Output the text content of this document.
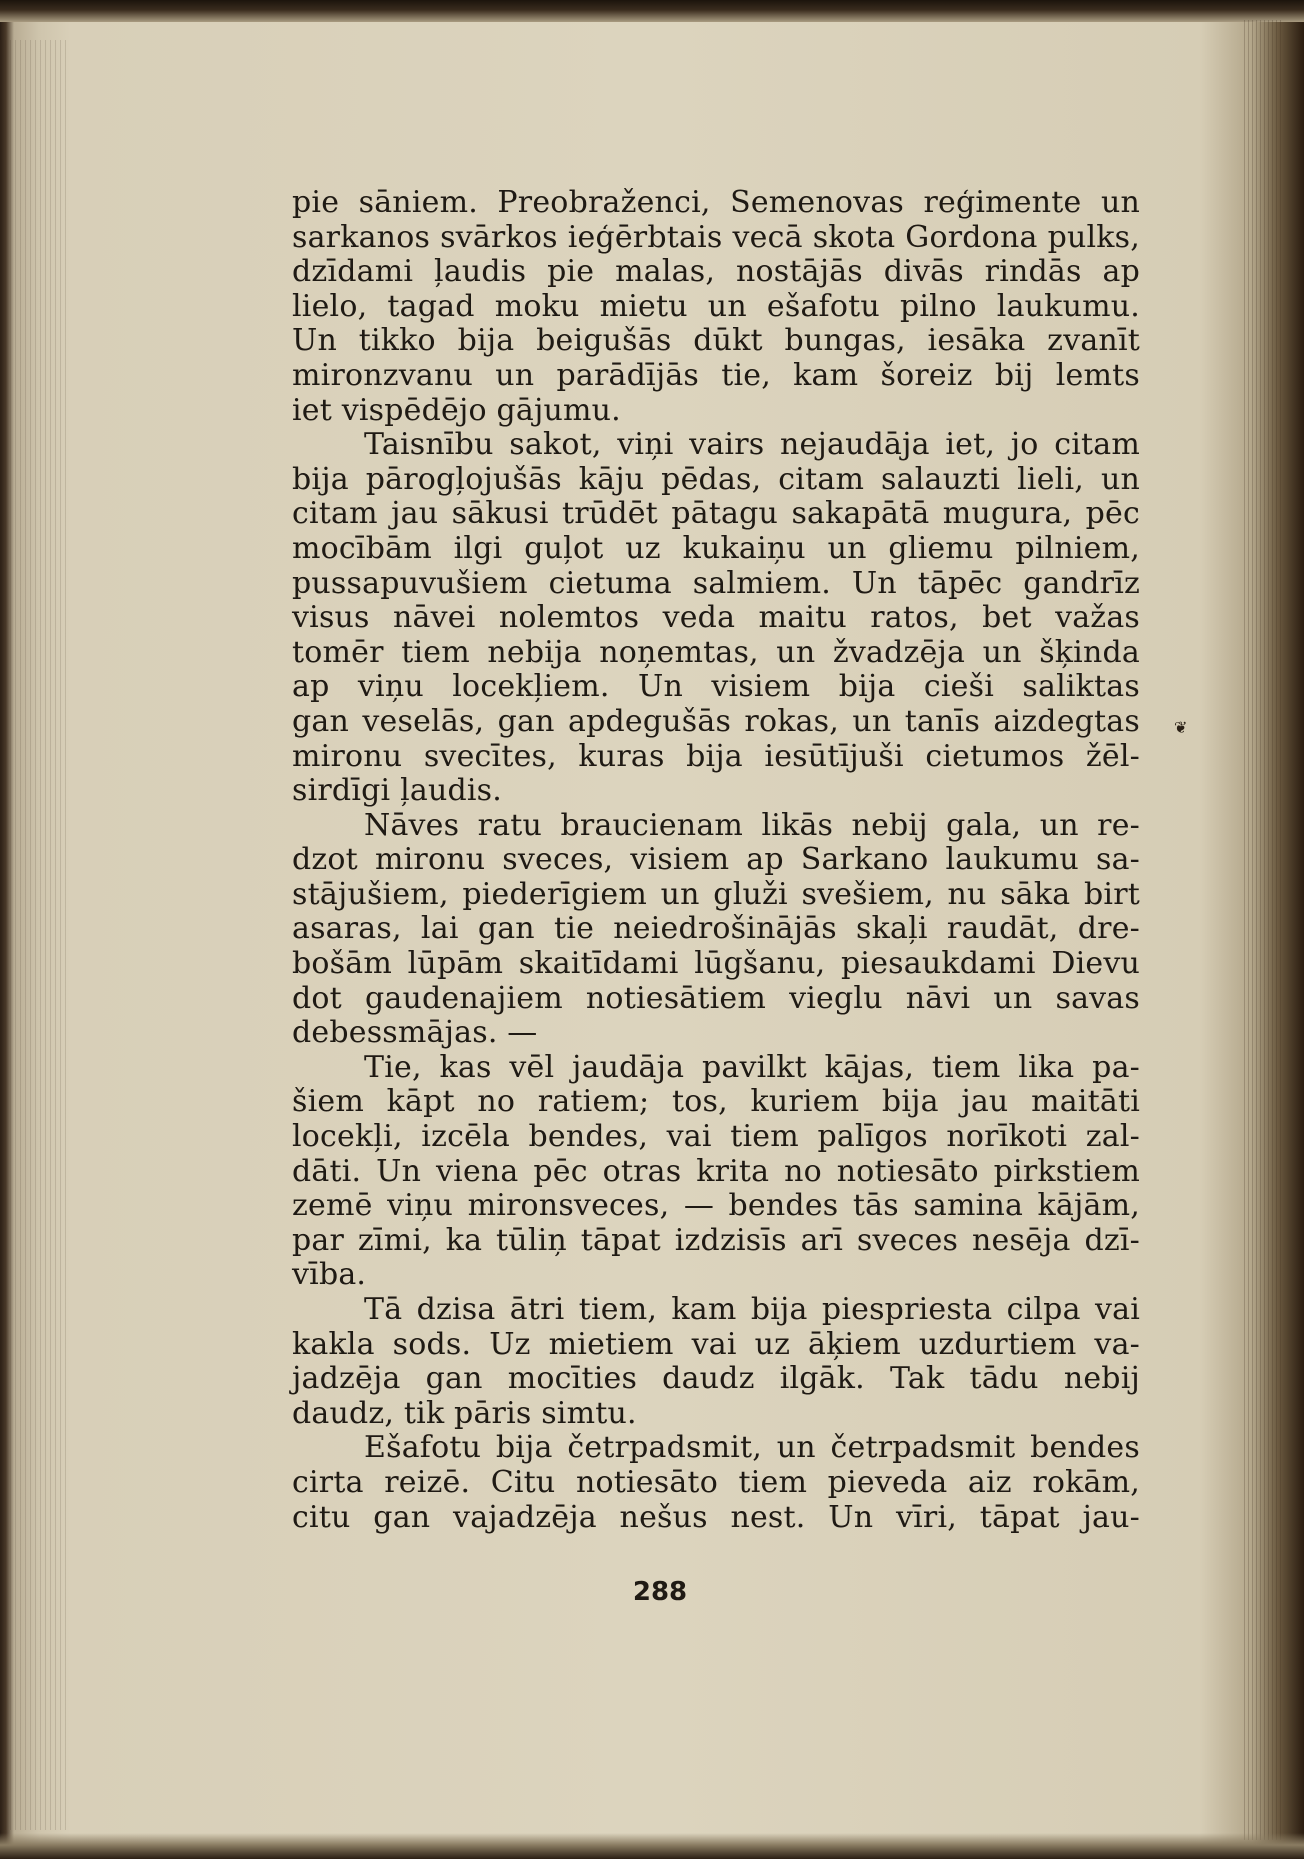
pie sāniem. Preobraženci, Semenovas reģimente un
sarkanos svārkos ieģērbtais vecā skota Gordona pulks,
dzīdami ļaudis pie malas, nostājās divās rindās ap
lielo, tagad moku mietu un ešafotu pilno laukumu.
Un tikko bija beigušās dūkt bungas, iesāka zvanīt
mironzvanu un parādījās tie, kam šoreiz bij lemts
iet vispēdējo gājumu.
Taisnību sakot, viņi vairs nejaudāja iet, jo citam
bija pārogļojušās kāju pēdas, citam salauzti lieli, un
citam jau sākusi trūdēt pātagu sakapātā mugura, pēc
mocībām ilgi guļot uz kukaiņu un gliemu pilniem,
pussapuvušiem cietuma salmiem. Un tāpēc gandrīz
visus nāvei nolemtos veda maitu ratos, bet važas
tomēr tiem nebija noņemtas, un žvadzēja un šķinda
ap viņu locekļiem. Un visiem bija cieši saliktas
gan veselās, gan apdegušās rokas, un tanīs aizdegtas
mironu svecītes, kuras bija iesūtījuši cietumos žēl-
sirdīgi ļaudis.
Nāves ratu braucienam likās nebij gala, un re-
dzot mironu sveces, visiem ap Sarkano laukumu sa-
stājušiem, piederīgiem un gluži svešiem, nu sāka birt
asaras, lai gan tie neiedrošinājās skaļi raudāt, dre-
bošām lūpām skaitīdami lūgšanu, piesaukdami Dievu
dot gaudenajiem notiesātiem vieglu nāvi un savas
debessmājas. —
Tie, kas vēl jaudāja pavilkt kājas, tiem lika pa-
šiem kāpt no ratiem; tos, kuriem bija jau maitāti
locekļi, izcēla bendes, vai tiem palīgos norīkoti zal-
dāti. Un viena pēc otras krita no notiesāto pirkstiem
zemē viņu mironsveces, — bendes tās samina kājām,
par zīmi, ka tūliņ tāpat izdzisīs arī sveces nesēja dzī-
vība.
Tā dzisa ātri tiem, kam bija piespriesta cilpa vai
kakla sods. Uz mietiem vai uz āķiem uzdurtiem va-
jadzēja gan mocīties daudz ilgāk. Tak tādu nebij
daudz, tik pāris simtu.
Ešafotu bija četrpadsmit, un četrpadsmit bendes
cirta reizē. Citu notiesāto tiem pieveda aiz rokām,
citu gan vajadzēja nešus nest. Un vīri, tāpat jau-
❦
288
